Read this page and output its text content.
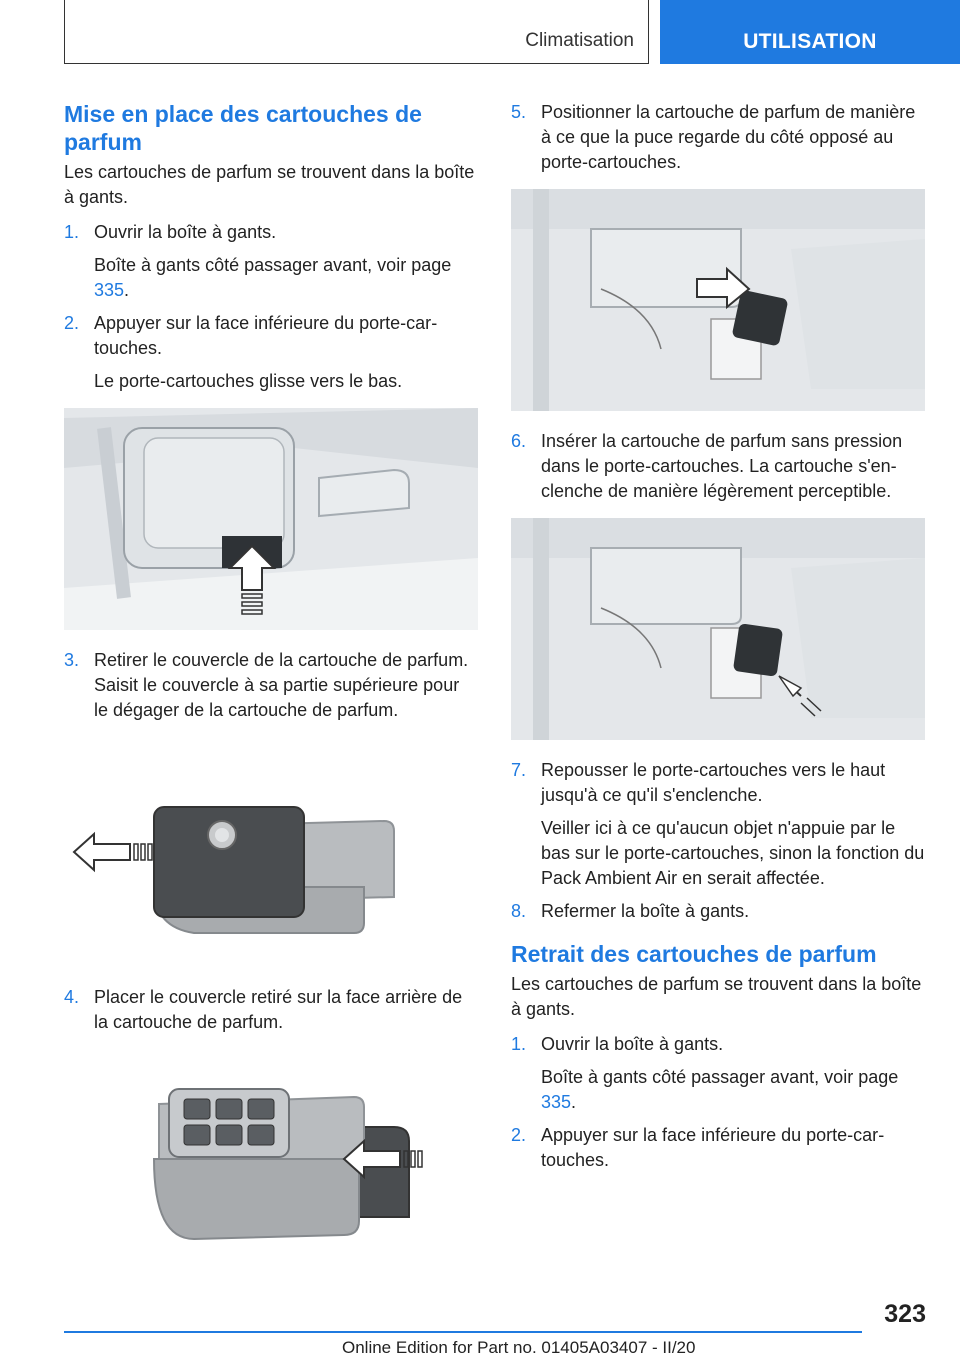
Climatisation	UTILISATION
Mise en place des cartouches de parfum

Les cartouches de parfum se trouvent dans la boîte à gants.

1. Ouvrir la boîte à gants.
Boîte à gants côté passager avant, voir page 335.
2. Appuyer sur la face inférieure du porte-cartouches.
Le porte-cartouches glisse vers le bas.
3. Retirer le couvercle de la cartouche de parfum. Saisit le couvercle à sa partie supérieure pour le dégager de la cartouche de parfum.
4. Placer le couvercle retiré sur la face arrière de la cartouche de parfum.
5. Positionner la cartouche de parfum de manière à ce que la puce regarde du côté opposé au porte-cartouches.
6. Insérer la cartouche de parfum sans pression dans le porte-cartouches. La cartouche s'enclenche de manière légèrement perceptible.
7. Repousser le porte-cartouches vers le haut jusqu'à ce qu'il s'enclenche.
Veiller ici à ce qu'aucun objet n'appuie par le bas sur le porte-cartouches, sinon la fonction du Pack Ambient Air en serait affectée.
8. Refermer la boîte à gants.
Retrait des cartouches de parfum

Les cartouches de parfum se trouvent dans la boîte à gants.

1. Ouvrir la boîte à gants.
Boîte à gants côté passager avant, voir page 335.
2. Appuyer sur la face inférieure du porte-cartouches.
323
Online Edition for Part no. 01405A03407 - II/20
